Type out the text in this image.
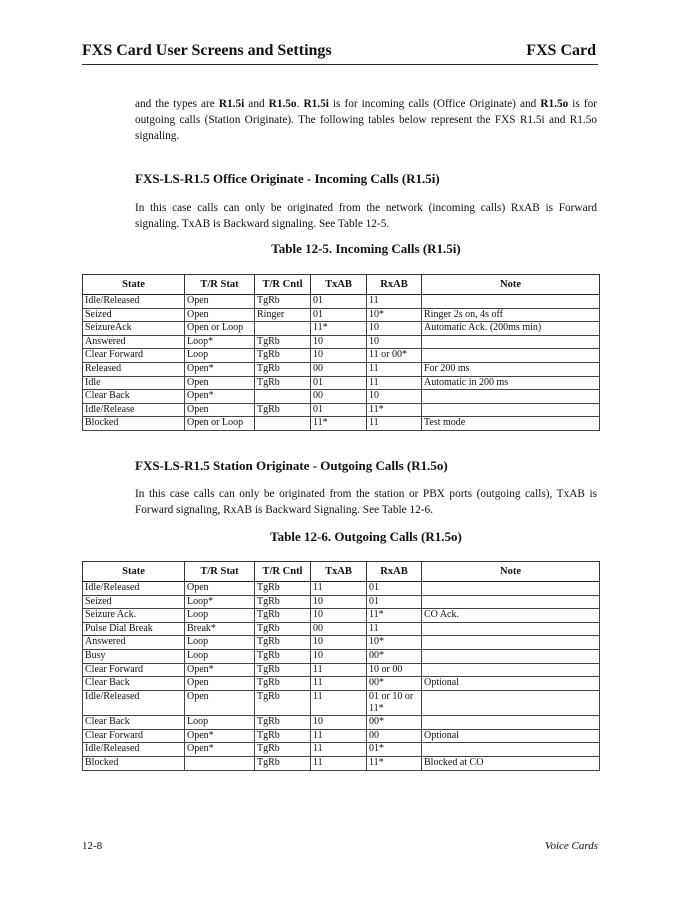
FXS Card User Screens and Settings	FXS Card

and the types are R1.5i and R1.5o. R1.5i is for incoming calls (Office Originate) and R1.5o is for outgoing calls (Station Originate). The following tables below represent the FXS R1.5i and R1.5o signaling.

FXS-LS-R1.5 Office Originate - Incoming Calls (R1.5i)

In this case calls can only be originated from the network (incoming calls) RxAB is Forward signaling. TxAB is Backward signaling. See Table 12-5.

Table 12-5. Incoming Calls (R1.5i)
State	T/R Stat	T/R Cntl	TxAB	RxAB	Note
Idle/Released	Open	TgRb	01	11	
Seized	Open	Ringer	01	10*	Ringer 2s on, 4s off
SeizureAck	Open or Loop		11*	10	Automatic Ack. (200ms min)
Answered	Loop*	TgRb	10	10	
Clear Forward	Loop	TgRb	10	11 or 00*	
Released	Open*	TgRb	00	11	For 200 ms
Idle	Open	TgRb	01	11	Automatic in 200 ms
Clear Back	Open*		00	10	
Idle/Release	Open	TgRb	01	11*	
Blocked	Open or Loop		11*	11	Test mode
FXS-LS-R1.5 Station Originate - Outgoing Calls (R1.5o)

In this case calls can only be originated from the station or PBX ports (outgoing calls), TxAB is Forward signaling, RxAB is Backward Signaling. See Table 12-6.

Table 12-6. Outgoing Calls (R1.5o)
State	T/R Stat	T/R Cntl	TxAB	RxAB	Note
Idle/Released	Open	TgRb	11	01	
Seized	Loop*	TgRb	10	01	
Seizure Ack.	Loop	TgRb	10	11*	CO Ack.
Pulse Dial Break	Break*	TgRb	00	11	
Answered	Loop	TgRb	10	10*	
Busy	Loop	TgRb	10	00*	
Clear Forward	Open*	TgRb	11	10 or 00	
Clear Back	Open	TgRb	11	00*	Optional
Idle/Released	Open	TgRb	11	01 or 10 or 11*	
Clear Back	Loop	TgRb	10	00*	
Clear Forward	Open*	TgRb	11	00	Optional
Idle/Released	Open*	TgRb	11	01*	
Blocked		TgRb	11	11*	Blocked at CO
12-8	Voice Cards
